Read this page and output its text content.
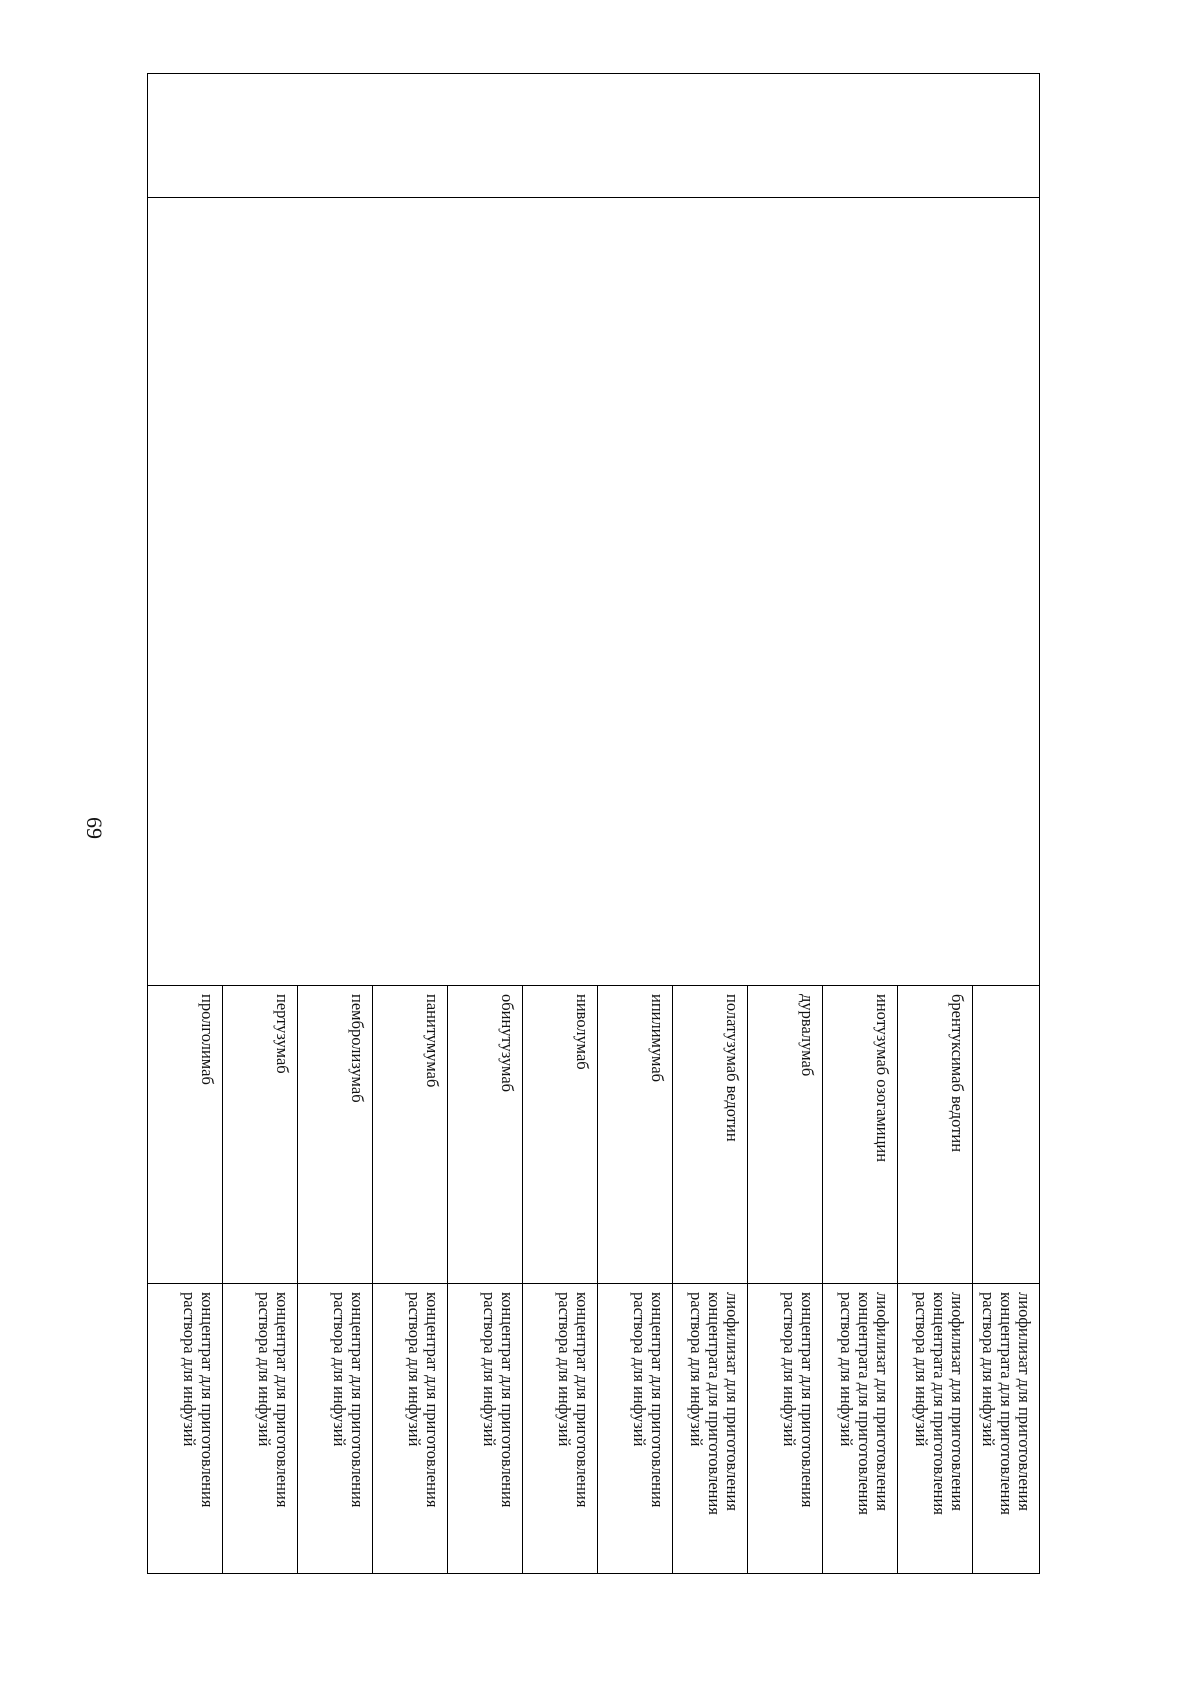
69
			лиофилизат для приготовления концентрата для приготовления раствора для инфузий
		брентуксимаб ведотин	лиофилизат для приготовления концентрата для приготовления раствора для инфузий
		инотузумаб озогамицин	лиофилизат для приготовления концентрата для приготовления раствора для инфузий
		дурвалумаб	концентрат для приготовления раствора для инфузий
		полатузумаб ведотин	лиофилизат для приготовления концентрата для приготовления раствора для инфузий
		ипилимумаб	концентрат для приготовления раствора для инфузий
		ниволумаб	концентрат для приготовления раствора для инфузий
		обинутузумаб	концентрат для приготовления раствора для инфузий
		панитумумаб	концентрат для приготовления раствора для инфузий
		пембролизумаб	концентрат для приготовления раствора для инфузий
		пертузумаб	концентрат для приготовления раствора для инфузий
		пролголимаб	концентрат для приготовления раствора для инфузий
